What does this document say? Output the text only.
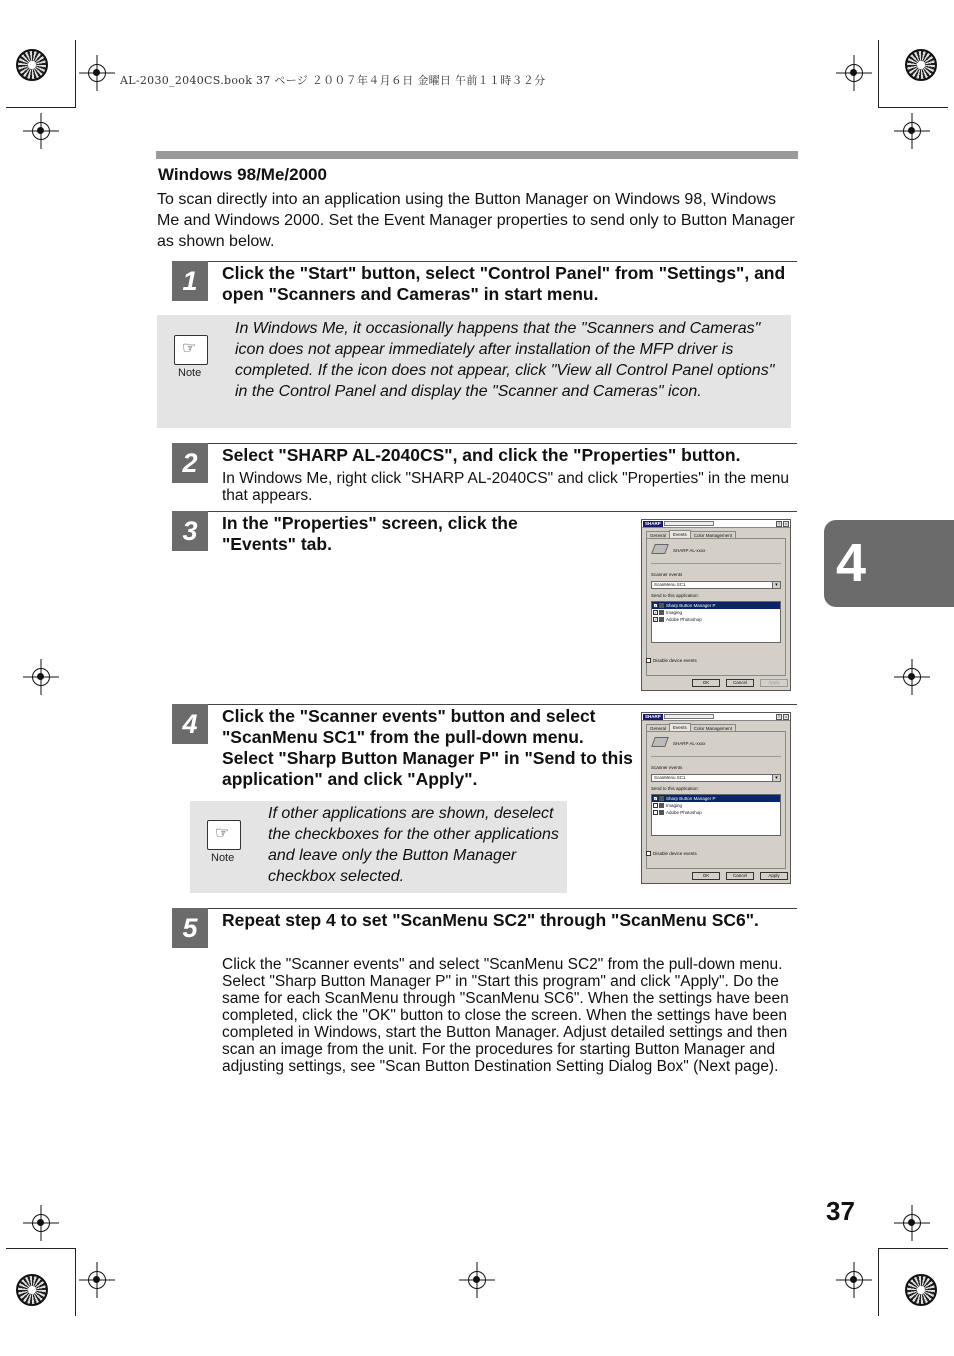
AL-2030_2040CS.book 37 ページ ２００７年４月６日 金曜日 午前１１時３２分
Windows 98/Me/2000
To scan directly into an application using the Button Manager on Windows 98, Windows Me and Windows 2000. Set the Event Manager properties to send only to Button Manager as shown below.
1	Click the "Start" button, select "Control Panel" from "Settings", and open "Scanners and Cameras" in start menu.
☞
Note
In Windows Me, it occasionally happens that the "Scanners and Cameras" icon does not appear immediately after installation of the MFP driver is completed. If the icon does not appear, click "View all Control Panel options" in the Control Panel and display the "Scanner and Cameras" icon.
2	Select "SHARP AL-2040CS", and click the "Properties" button.
In Windows Me, right click "SHARP AL-2040CS" and click "Properties" in the menu that appears.
3	In the "Properties" screen, click the "Events" tab.
SHARP	?	×
General	Events	Color Management
SHARP AL-xxxx
Scanner events
ScanMenu SC1 ▾
Send to this application:
✓ Sharp Button Manager P
✓ Imaging
✓ Adobe Photoshop
Disable device events
OK	Cancel	Apply
4	Click the "Scanner events" button and select "ScanMenu SC1" from the pull-down menu. Select "Sharp Button Manager P" in "Send to this application" and click "Apply".
☞
Note
If other applications are shown, deselect the checkboxes for the other applications and leave only the Button Manager checkbox selected.
SHARP	?	×
General	Events	Color Management
SHARP AL-xxxx
Scanner events
ScanMenu SC1 ▾
Send to this application:
✓ Sharp Button Manager P
Imaging
Adobe Photoshop
Disable device events
OK	Cancel	Apply
5	Repeat step 4 to set "ScanMenu SC2" through "ScanMenu SC6".
Click the "Scanner events" and select "ScanMenu SC2" from the pull-down menu. Select "Sharp Button Manager P" in "Start this program" and click "Apply". Do the same for each ScanMenu through "ScanMenu SC6". When the settings have been completed, click the "OK" button to close the screen. When the settings have been completed in Windows, start the Button Manager. Adjust detailed settings and then scan an image from the unit. For the procedures for starting Button Manager and adjusting settings, see "Scan Button Destination Setting Dialog Box" (Next page).
4
37
